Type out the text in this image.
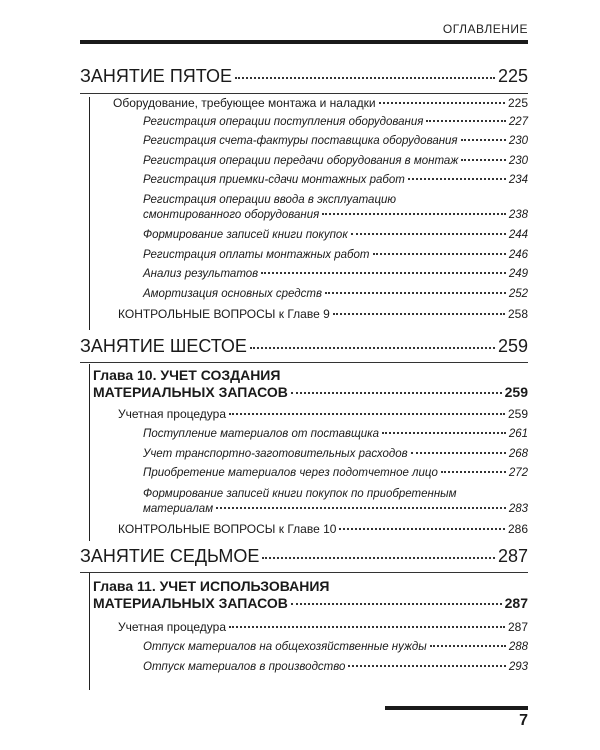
ОГЛАВЛЕНИЕ
ЗАНЯТИЕ ПЯТОЕ	225
Оборудование, требующее монтажа и наладки	225
Регистрация операции поступления оборудования	227
Регистрация счета-фактуры поставщика оборудования	230
Регистрация операции передачи оборудования в монтаж	230
Регистрация приемки-сдачи монтажных работ	234
Регистрация операции ввода в эксплуатацию
смонтированного оборудования	238
Формирование записей книги покупок	244
Регистрация оплаты монтажных работ	246
Анализ результатов	249
Амортизация основных средств	252
КОНТРОЛЬНЫЕ ВОПРОСЫ к Главе 9	258
ЗАНЯТИЕ ШЕСТОЕ	259
Глава 10. УЧЕТ СОЗДАНИЯ
МАТЕРИАЛЬНЫХ ЗАПАСОВ	259
Учетная процедура	259
Поступление материалов от поставщика	261
Учет транспортно-заготовительных расходов	268
Приобретение материалов через подотчетное лицо	272
Формирование записей книги покупок по приобретенным
материалам	283
КОНТРОЛЬНЫЕ ВОПРОСЫ к Главе 10	286
ЗАНЯТИЕ СЕДЬМОЕ	287
Глава 11. УЧЕТ ИСПОЛЬЗОВАНИЯ
МАТЕРИАЛЬНЫХ ЗАПАСОВ	287
Учетная процедура	287
Отпуск материалов на общехозяйственные нужды	288
Отпуск материалов в производство	293
7
